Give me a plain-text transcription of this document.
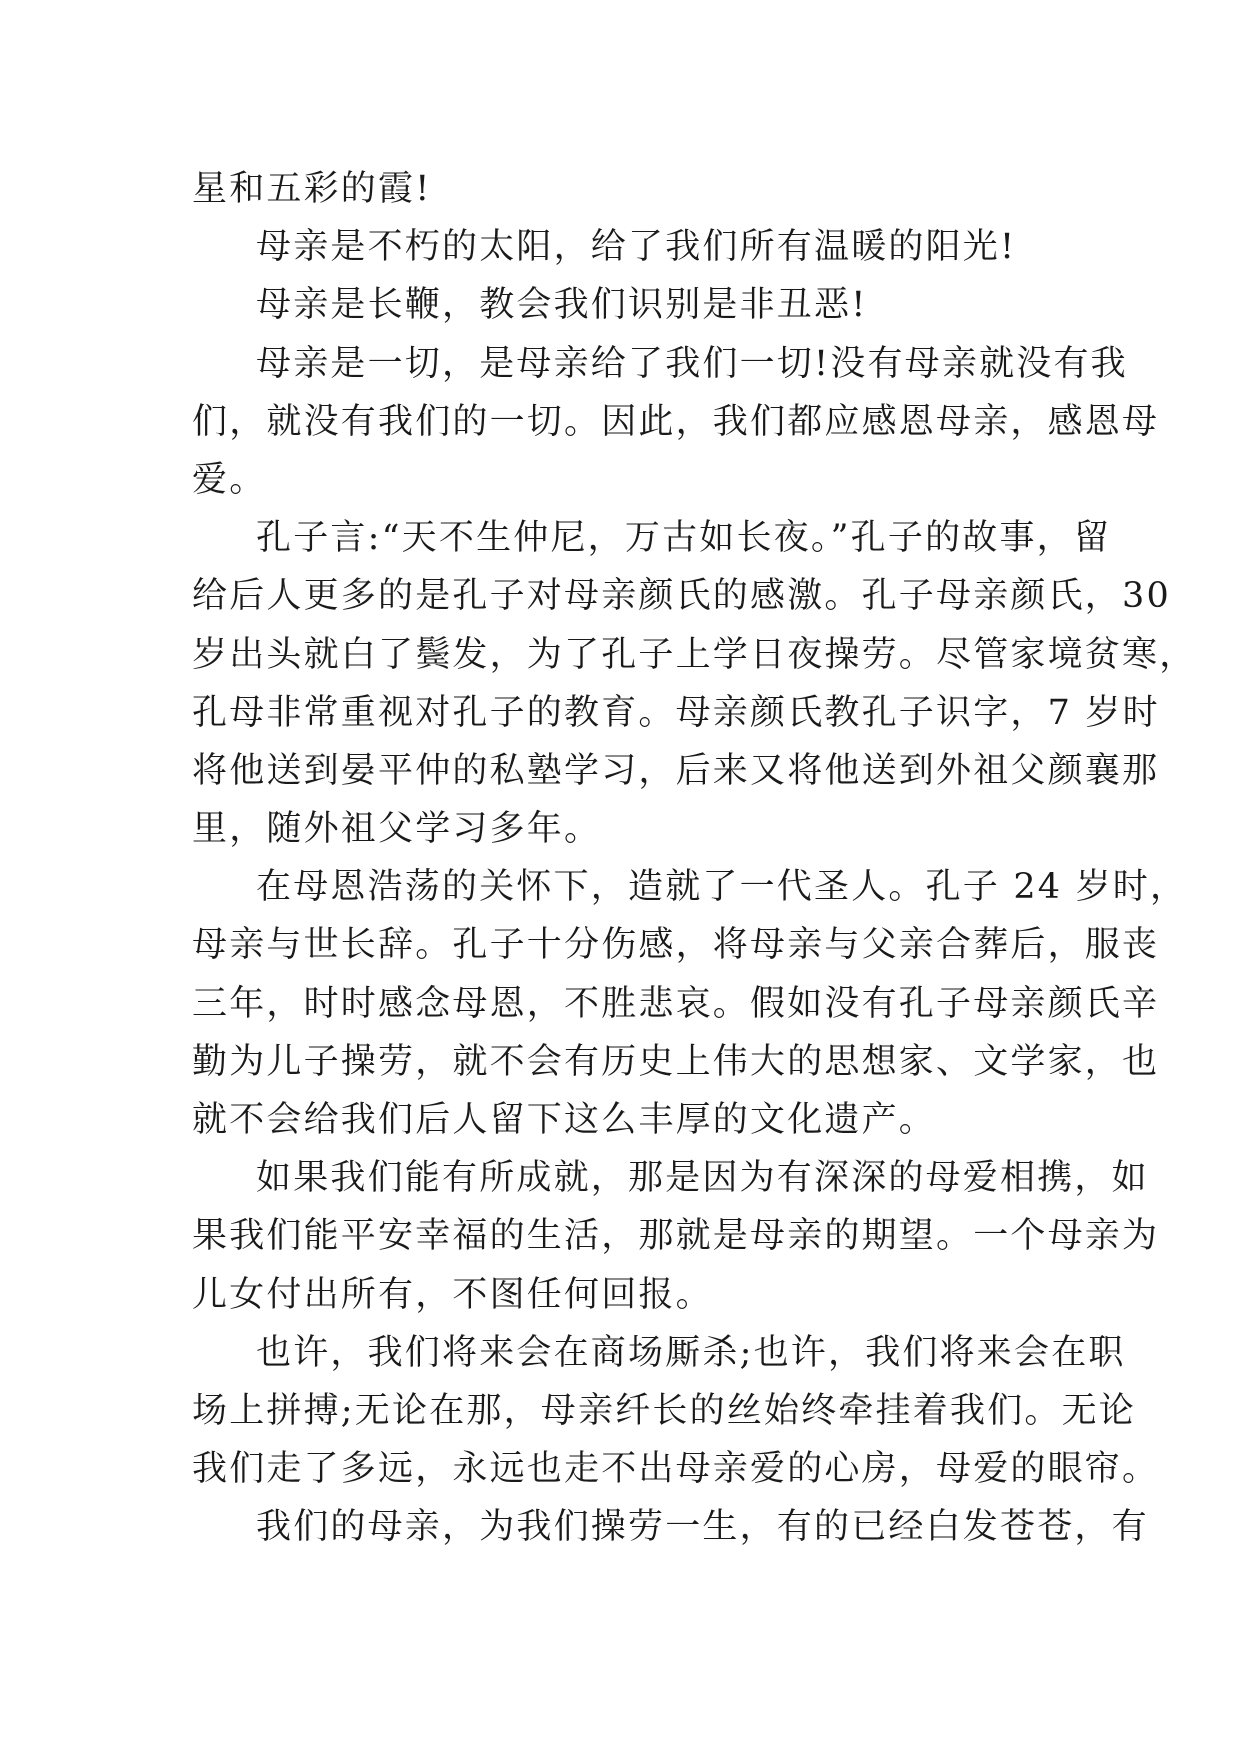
星和五彩的霞!
母亲是不朽的太阳，给了我们所有温暖的阳光!
母亲是长鞭，教会我们识别是非丑恶!
母亲是一切，是母亲给了我们一切!没有母亲就没有我
们，就没有我们的一切。因此，我们都应感恩母亲，感恩母
爱。
孔子言:“天不生仲尼，万古如长夜。”孔子的故事，留
给后人更多的是孔子对母亲颜氏的感激。孔子母亲颜氏，30
岁出头就白了鬓发，为了孔子上学日夜操劳。尽管家境贫寒，
孔母非常重视对孔子的教育。母亲颜氏教孔子识字，7 岁时
将他送到晏平仲的私塾学习，后来又将他送到外祖父颜襄那
里，随外祖父学习多年。
在母恩浩荡的关怀下，造就了一代圣人。孔子 24 岁时，
母亲与世长辞。孔子十分伤感，将母亲与父亲合葬后，服丧
三年，时时感念母恩，不胜悲哀。假如没有孔子母亲颜氏辛
勤为儿子操劳，就不会有历史上伟大的思想家、文学家，也
就不会给我们后人留下这么丰厚的文化遗产。
如果我们能有所成就，那是因为有深深的母爱相携，如
果我们能平安幸福的生活，那就是母亲的期望。一个母亲为
儿女付出所有，不图任何回报。
也许，我们将来会在商场厮杀;也许，我们将来会在职
场上拼搏;无论在那，母亲纤长的丝始终牵挂着我们。无论
我们走了多远，永远也走不出母亲爱的心房，母爱的眼帘。
我们的母亲，为我们操劳一生，有的已经白发苍苍，有
